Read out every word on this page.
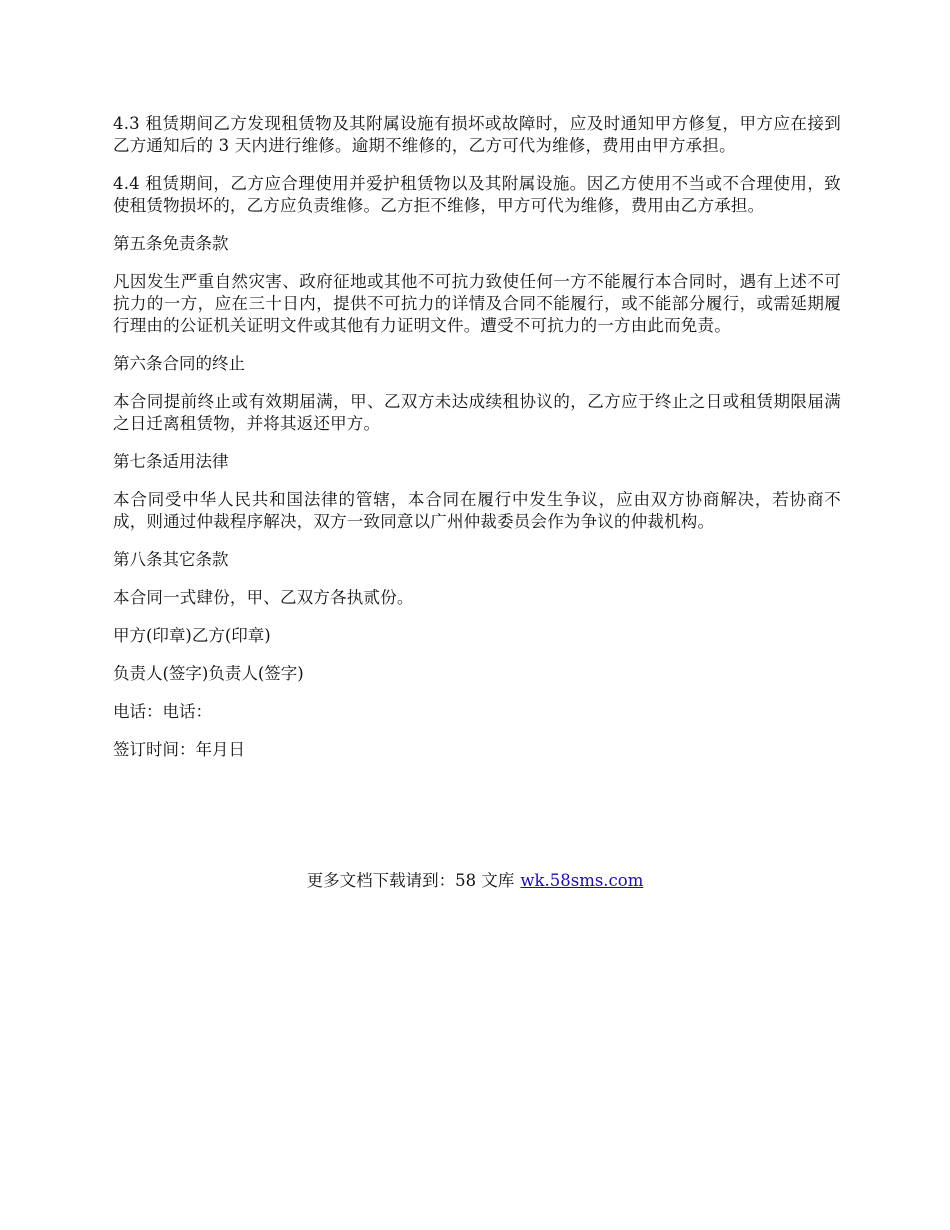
4.3 租赁期间乙方发现租赁物及其附属设施有损坏或故障时，应及时通知甲方修复，甲方应在接到乙方通知后的 3 天内进行维修。逾期不维修的，乙方可代为维修，费用由甲方承担。

4.4 租赁期间，乙方应合理使用并爱护租赁物以及其附属设施。因乙方使用不当或不合理使用，致使租赁物损坏的，乙方应负责维修。乙方拒不维修，甲方可代为维修，费用由乙方承担。

第五条免责条款

凡因发生严重自然灾害、政府征地或其他不可抗力致使任何一方不能履行本合同时，遇有上述不可抗力的一方，应在三十日内，提供不可抗力的详情及合同不能履行，或不能部分履行，或需延期履行理由的公证机关证明文件或其他有力证明文件。遭受不可抗力的一方由此而免责。

第六条合同的终止

本合同提前终止或有效期届满，甲、乙双方未达成续租协议的，乙方应于终止之日或租赁期限届满之日迁离租赁物，并将其返还甲方。

第七条适用法律

本合同受中华人民共和国法律的管辖，本合同在履行中发生争议，应由双方协商解决，若协商不成，则通过仲裁程序解决，双方一致同意以广州仲裁委员会作为争议的仲裁机构。

第八条其它条款

本合同一式肆份，甲、乙双方各执贰份。

甲方(印章)乙方(印章)

负责人(签字)负责人(签字)

电话：电话：

签订时间：年月日

更多文档下载请到：58 文库 wk.58sms.com
